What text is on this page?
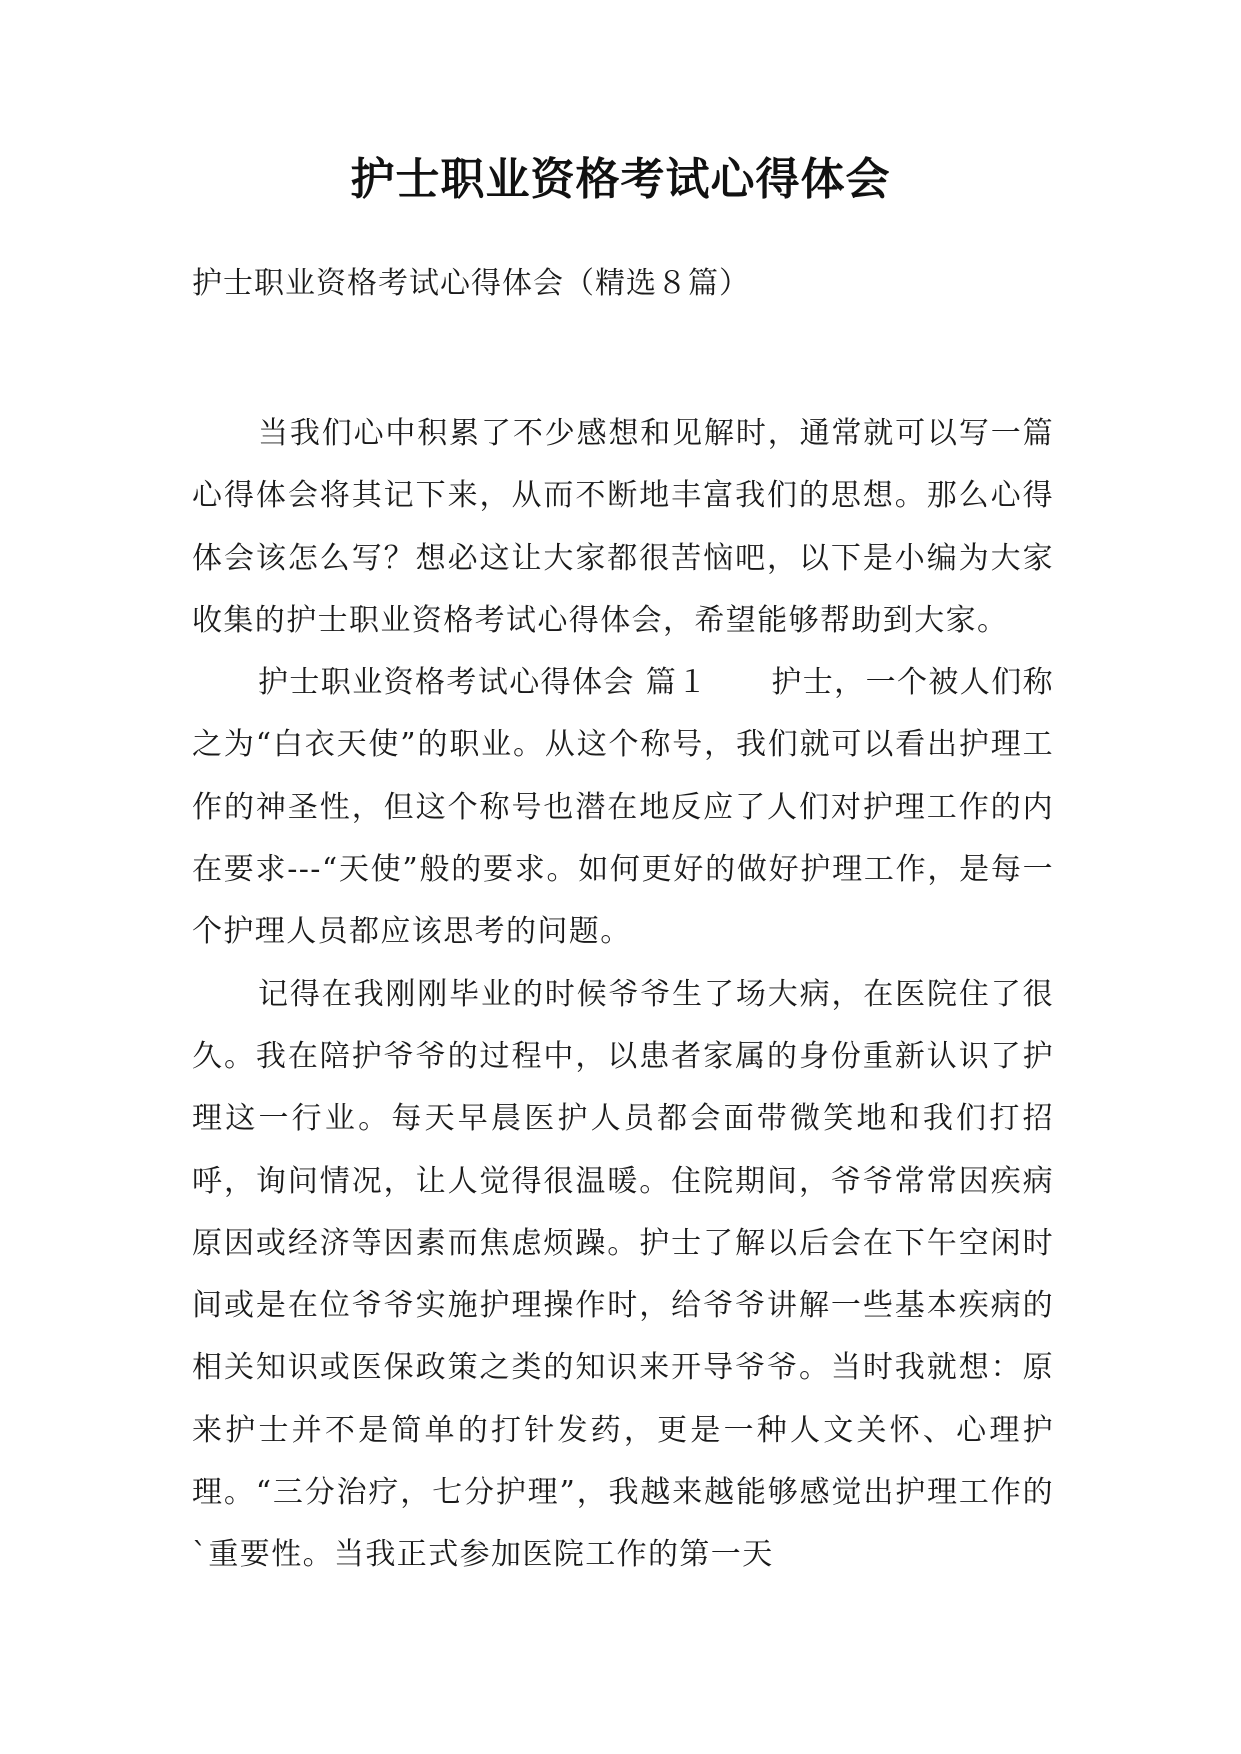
护士职业资格考试心得体会
护士职业资格考试心得体会（精选８篇）

当我们心中积累了不少感想和见解时，通常就可以写一篇心得体会将其记下来，从而不断地丰富我们的思想。那么心得体会该怎么写？想必这让大家都很苦恼吧，以下是小编为大家收集的护士职业资格考试心得体会，希望能够帮助到大家。

护士职业资格考试心得体会 篇１　　护士，一个被人们称之为“白衣天使”的职业。从这个称号，我们就可以看出护理工作的神圣性，但这个称号也潜在地反应了人们对护理工作的内在要求---“天使”般的要求。如何更好的做好护理工作，是每一个护理人员都应该思考的问题。

记得在我刚刚毕业的时候爷爷生了场大病，在医院住了很久。我在陪护爷爷的过程中，以患者家属的身份重新认识了护理这一行业。每天早晨医护人员都会面带微笑地和我们打招呼，询问情况，让人觉得很温暖。住院期间，爷爷常常因疾病原因或经济等因素而焦虑烦躁。护士了解以后会在下午空闲时间或是在位爷爷实施护理操作时，给爷爷讲解一些基本疾病的相关知识或医保政策之类的知识来开导爷爷。当时我就想：原来护士并不是简单的打针发药，更是一种人文关怀、心理护理。“三分治疗，七分护理”，我越来越能够感觉出护理工作的`重要性。当我正式参加医院工作的第一天
